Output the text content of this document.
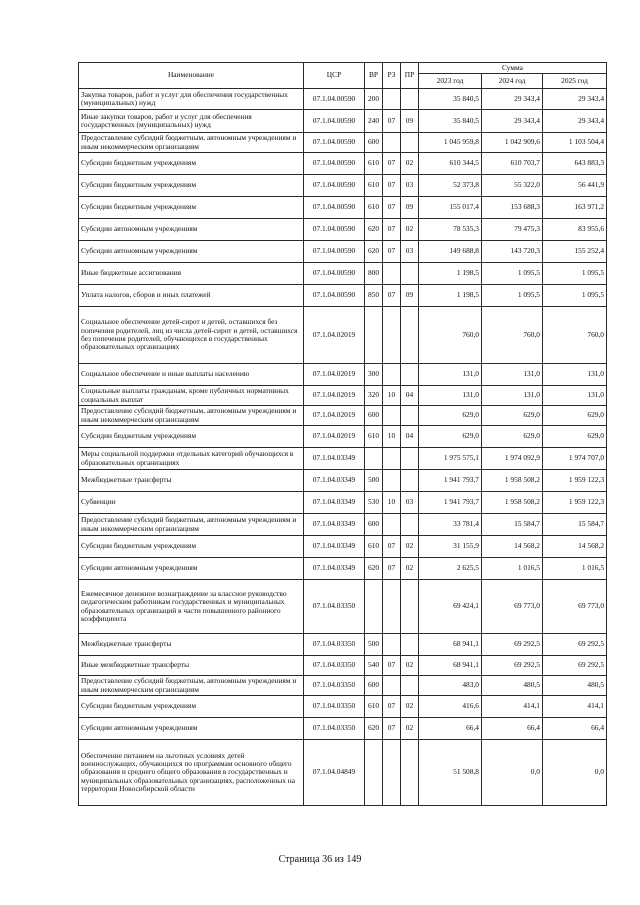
Наименование	ЦСР	ВР	РЗ	ПР	Сумма		
					2023 год	2024 год	2025 год
Закупка товаров, работ и услуг для обеспечения государственных (муниципальных) нужд	07.1.04.00590	200			35 840,5	29 343,4	29 343,4
Иные закупки товаров, работ и услуг для обеспечения государственных (муниципальных) нужд	07.1.04.00590	240	07	09	35 840,5	29 343,4	29 343,4
Предоставление субсидий бюджетным, автономным учреждениям и иным некоммерческим организациям	07.1.04.00590	600			1 045 959,8	1 042 909,6	1 103 504,4
Субсидии бюджетным учреждениям	07.1.04.00590	610	07	02	610 344,5	610 703,7	643 883,3
Субсидии бюджетным учреждениям	07.1.04.00590	610	07	03	52 373,8	55 322,0	56 441,9
Субсидии бюджетным учреждениям	07.1.04.00590	610	07	09	155 017,4	153 688,3	163 971,2
Субсидии автономным учреждениям	07.1.04.00590	620	07	02	78 535,3	79 475,3	83 955,6
Субсидии автономным учреждениям	07.1.04.00590	620	07	03	149 688,8	143 720,3	155 252,4
Иные бюджетные ассигнования	07.1.04.00590	800			1 198,5	1 095,5	1 095,5
Уплата налогов, сборов и иных платежей	07.1.04.00590	850	07	09	1 198,5	1 095,5	1 095,5
Социальное обеспечение детей-сирот и детей, оставшихся без попечения родителей, лиц из числа детей-сирот и детей, оставшихся без попечения родителей, обучающихся в государственных образовательных организациях	07.1.04.02019				760,0	760,0	760,0
Социальное обеспечение и иные выплаты населению	07.1.04.02019	300			131,0	131,0	131,0
Социальные выплаты гражданам, кроме публичных нормативных социальных выплат	07.1.04.02019	320	10	04	131,0	131,0	131,0
Предоставление субсидий бюджетным, автономным учреждениям и иным некоммерческим организациям	07.1.04.02019	600			629,0	629,0	629,0
Субсидии бюджетным учреждениям	07.1.04.02019	610	10	04	629,0	629,0	629,0
Меры социальной поддержки отдельных категорий обучающихся в образовательных организациях	07.1.04.03349				1 975 575,1	1 974 092,9	1 974 707,0
Межбюджетные трансферты	07.1.04.03349	500			1 941 793,7	1 958 508,2	1 959 122,3
Субвенции	07.1.04.03349	530	10	03	1 941 793,7	1 958 508,2	1 959 122,3
Предоставление субсидий бюджетным, автономным учреждениям и иным некоммерческим организациям	07.1.04.03349	600			33 781,4	15 584,7	15 584,7
Субсидии бюджетным учреждениям	07.1.04.03349	610	07	02	31 155,9	14 568,2	14 568,2
Субсидии автономным учреждениям	07.1.04.03349	620	07	02	2 625,5	1 016,5	1 016,5
Ежемесячное денежное вознаграждение за классное руководство педагогическим работникам государственных и муниципальных образовательных организаций в части повышенного районного коэффициента	07.1.04.03350				69 424,1	69 773,0	69 773,0
Межбюджетные трансферты	07.1.04.03350	500			68 941,1	69 292,5	69 292,5
Иные межбюджетные трансферты	07.1.04.03350	540	07	02	68 941,1	69 292,5	69 292,5
Предоставление субсидий бюджетным, автономным учреждениям и иным некоммерческим организациям	07.1.04.03350	600			483,0	480,5	480,5
Субсидии бюджетным учреждениям	07.1.04.03350	610	07	02	416,6	414,1	414,1
Субсидии автономным учреждениям	07.1.04.03350	620	07	02	66,4	66,4	66,4
Обеспечение питанием на льготных условиях детей военнослужащих, обучающихся по программам основного общего образования и среднего общего образования в государственных и муниципальных образовательных организациях, расположенных на территории Новосибирской области	07.1.04.04849				51 508,8	0,0	0,0
Страница 36 из 149
